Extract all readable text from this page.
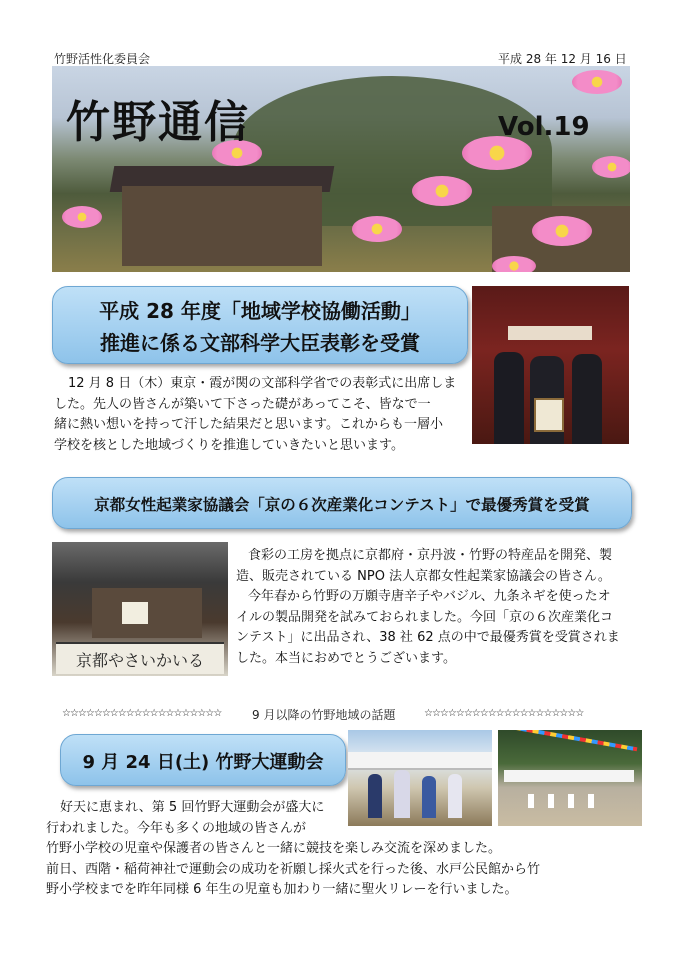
竹野活性化委員会	平成 28 年 12 月 16 日
竹野通信	Vol.19
平成 28 年度「地域学校協働活動」
推進に係る文部科学大臣表彰を受賞
12 月 8 日（木）東京・霞が関の文部科学省での表彰式に出席しま
した。先人の皆さんが築いて下さった礎があってこそ、皆なで一
緒に熱い想いを持って汗した結果だと思います。これからも一層小
学校を核とした地域づくりを推進していきたいと思います。
京都女性起業家協議会「京の６次産業化コンテスト」で最優秀賞を受賞
京都やさいかいる
食彩の工房を拠点に京都府・京丹波・竹野の特産品を開発、製
造、販売されている NPO 法人京都女性起業家協議会の皆さん。
今年春から竹野の万願寺唐辛子やバジル、九条ネギを使ったオ
イルの製品開発を試みておられました。今回「京の６次産業化コ
ンテスト」に出品され、38 社 62 点の中で最優秀賞を受賞されま
した。本当におめでとうございます。
☆☆☆☆☆☆☆☆☆☆☆☆☆☆☆☆☆☆☆☆	9 月以降の竹野地域の話題	☆☆☆☆☆☆☆☆☆☆☆☆☆☆☆☆☆☆☆☆
9 月 24 日(土) 竹野大運動会
好天に恵まれ、第 5 回竹野大運動会が盛大に
行われました。今年も多くの地域の皆さんが
竹野小学校の児童や保護者の皆さんと一緒に競技を楽しみ交流を深めました。
前日、西階・稲荷神社で運動会の成功を祈願し採火式を行った後、水戸公民館から竹
野小学校までを昨年同様 6 年生の児童も加わり一緒に聖火リレーを行いました。
